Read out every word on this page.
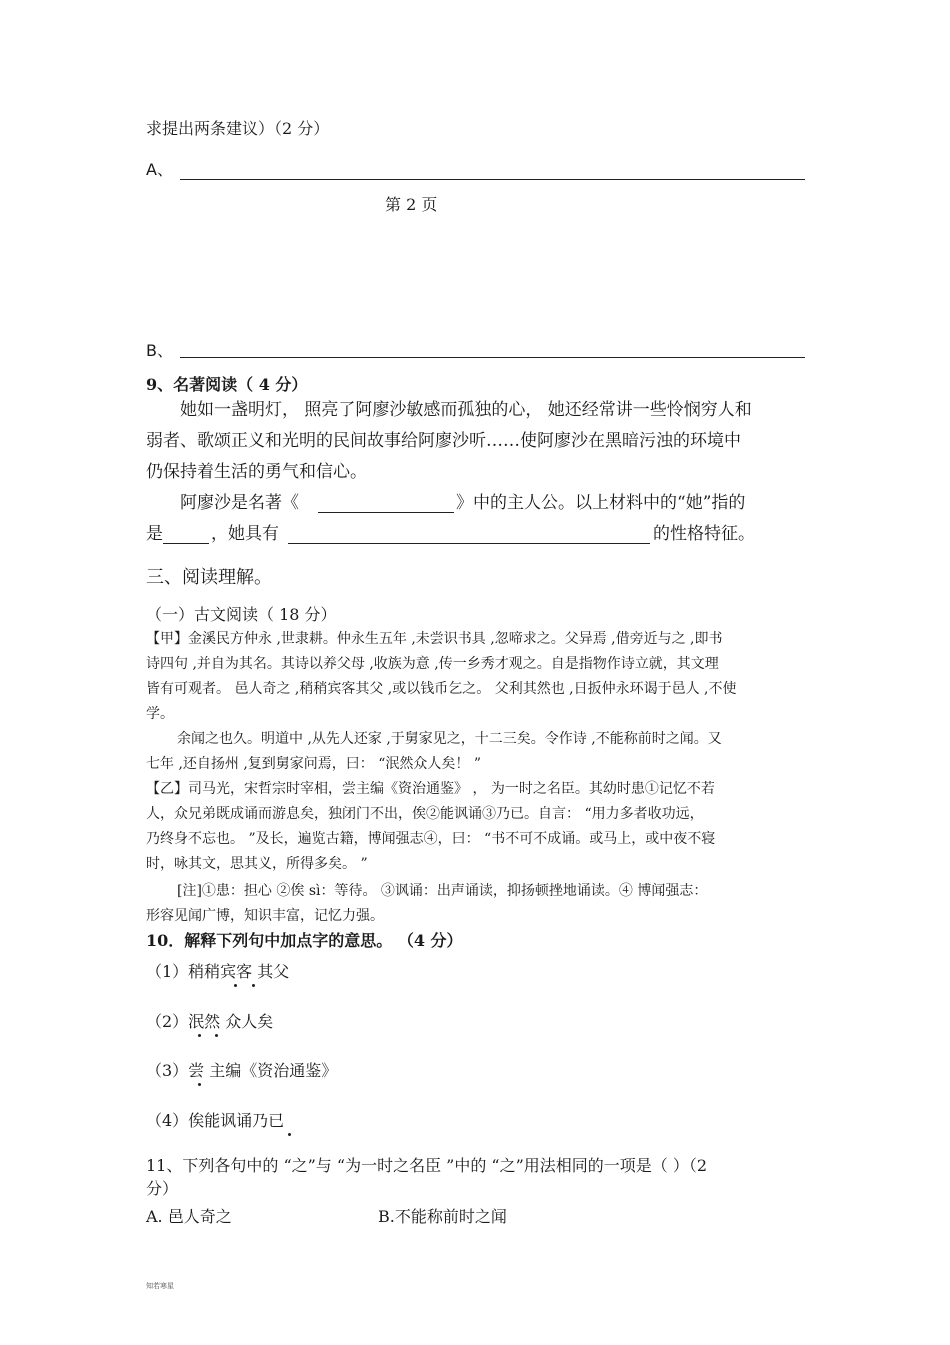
求提出两条建议）（2 分）
A、
第 2 页
B、
9、名著阅读（ 4 分）
她如一盏明灯， 照亮了阿廖沙敏感而孤独的心， 她还经常讲一些怜悯穷人和
弱者、歌颂正义和光明的民间故事给阿廖沙听……使阿廖沙在黑暗污浊的环境中
仍保持着生活的勇气和信心。
阿廖沙是名著《	》中的主人公。以上材料中的“她”指的
是	，她具有	的性格特征。
三、阅读理解。
（一）古文阅读（ 18 分）
【甲】金溪民方仲永 ,世隶耕。仲永生五年 ,未尝识书具 ,忽啼求之。父异焉 ,借旁近与之 ,即书
诗四句 ,并自为其名。其诗以养父母 ,收族为意 ,传一乡秀才观之。自是指物作诗立就，其文理
皆有可观者。 邑人奇之 ,稍稍宾客其父 ,或以钱币乞之。 父利其然也 ,日扳仲永环谒于邑人 ,不使
学。
余闻之也久。明道中 ,从先人还家 ,于舅家见之，十二三矣。令作诗 ,不能称前时之闻。又
七年 ,还自扬州 ,复到舅家问焉，曰： “泯然众人矣！ ”
【乙】司马光，宋哲宗时宰相，尝主编《资治通鉴》 ， 为一时之名臣。其幼时患①记忆不若
人，众兄弟既成诵而游息矣，独闭门不出，俟②能讽诵③乃已。自言： “用力多者收功远，
乃终身不忘也。 ”及长，遍览古籍，博闻强志④，曰： “书不可不成诵。或马上，或中夜不寝
时，咏其文，思其义，所得多矣。 ”
[注]①患：担心 ②俟 sì：等待。 ③讽诵：出声诵读，抑扬顿挫地诵读。④ 博闻强志：
形容见闻广博，知识丰富，记忆力强。
10．解释下列句中加点字的意思。 （4 分）
（1）稍稍宾客 其父
（2）泯然 众人矣
（3）尝 主编《资治通鉴》
（4）俟能讽诵乃已
11、下列各句中的 “之”与 “为一时之名臣 ”中的 “之”用法相同的一项是（ ）（2
分）
A. 邑人奇之	B.不能称前时之闻
知若寒星
